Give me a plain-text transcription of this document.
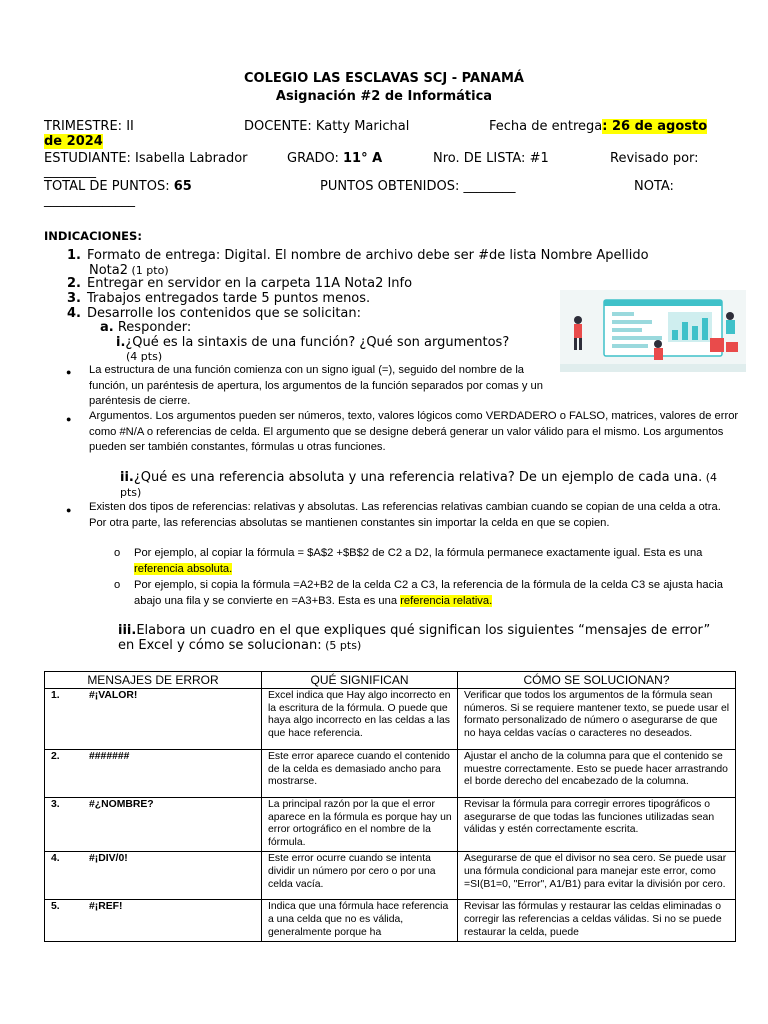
COLEGIO LAS ESCLAVAS SCJ - PANAMÁ
Asignación #2 de Informática
TRIMESTRE: II	DOCENTE: Katty Marichal	Fecha de entrega: 26 de agosto
de 2024
ESTUDIANTE: Isabella Labrador	GRADO: 11° A	Nro. DE LISTA: #1	Revisado por:
________
TOTAL DE PUNTOS: 65	PUNTOS OBTENIDOS: ________	NOTA:
______________
INDICACIONES:
1. Formato de entrega: Digital. El nombre de archivo debe ser #de lista Nombre Apellido
Nota2 (1 pto)
2. Entregar en servidor en la carpeta 11A Nota2 Info
3. Trabajos entregados tarde 5 puntos menos.
4. Desarrolle los contenidos que se solicitan:
a. Responder:
i.¿Qué es la sintaxis de una función? ¿Qué son argumentos?
(4 pts)
● La estructura de una función comienza con un signo igual (=), seguido del nombre de la función, un paréntesis de apertura, los argumentos de la función separados por comas y un paréntesis de cierre.
● Argumentos. Los argumentos pueden ser números, texto, valores lógicos como VERDADERO o FALSO, matrices, valores de error como #N/A o referencias de celda. El argumento que se designe deberá generar un valor válido para el mismo. Los argumentos pueden ser también constantes, fórmulas u otras funciones.
ii.¿Qué es una referencia absoluta y una referencia relativa? De un ejemplo de cada una. (4 pts)
● Existen dos tipos de referencias: relativas y absolutas. Las referencias relativas cambian cuando se copian de una celda a otra. Por otra parte, las referencias absolutas se mantienen constantes sin importar la celda en que se copien.
o Por ejemplo, al copiar la fórmula = $A$2 +$B$2 de C2 a D2, la fórmula permanece exactamente igual. Esta es una referencia absoluta.
o Por ejemplo, si copia la fórmula =A2+B2 de la celda C2 a C3, la referencia de la fórmula de la celda C3 se ajusta hacia abajo una fila y se convierte en =A3+B3. Esta es una referencia relativa.
iii.Elabora un cuadro en el que expliques qué significan los siguientes “mensajes de error” en Excel y cómo se solucionan: (5 pts)
MENSAJES DE ERROR	QUÉ SIGNIFICAN	CÓMO SE SOLUCIONAN?
1. #¡VALOR!	Excel indica que Hay algo incorrecto en la escritura de la fórmula. O puede que haya algo incorrecto en las celdas a las que hace referencia.	Verificar que todos los argumentos de la fórmula sean números. Si se requiere mantener texto, se puede usar el formato personalizado de número o asegurarse de que no haya celdas vacías o caracteres no deseados.
2. #######	Este error aparece cuando el contenido de la celda es demasiado ancho para mostrarse.	Ajustar el ancho de la columna para que el contenido se muestre correctamente. Esto se puede hacer arrastrando el borde derecho del encabezado de la columna.
3. #¿NOMBRE?	La principal razón por la que el error aparece en la fórmula es porque hay un error ortográfico en el nombre de la fórmula.	Revisar la fórmula para corregir errores tipográficos o asegurarse de que todas las funciones utilizadas sean válidas y estén correctamente escrita.
4. #¡DIV/0!	Este error ocurre cuando se intenta dividir un número por cero o por una celda vacía.	Asegurarse de que el divisor no sea cero. Se puede usar una fórmula condicional para manejar este error, como =SI(B1=0, "Error", A1/B1) para evitar la división por cero.
5. #¡REF!	Indica que una fórmula hace referencia a una celda que no es válida, generalmente porque ha	Revisar las fórmulas y restaurar las celdas eliminadas o corregir las referencias a celdas válidas. Si no se puede restaurar la celda, puede
